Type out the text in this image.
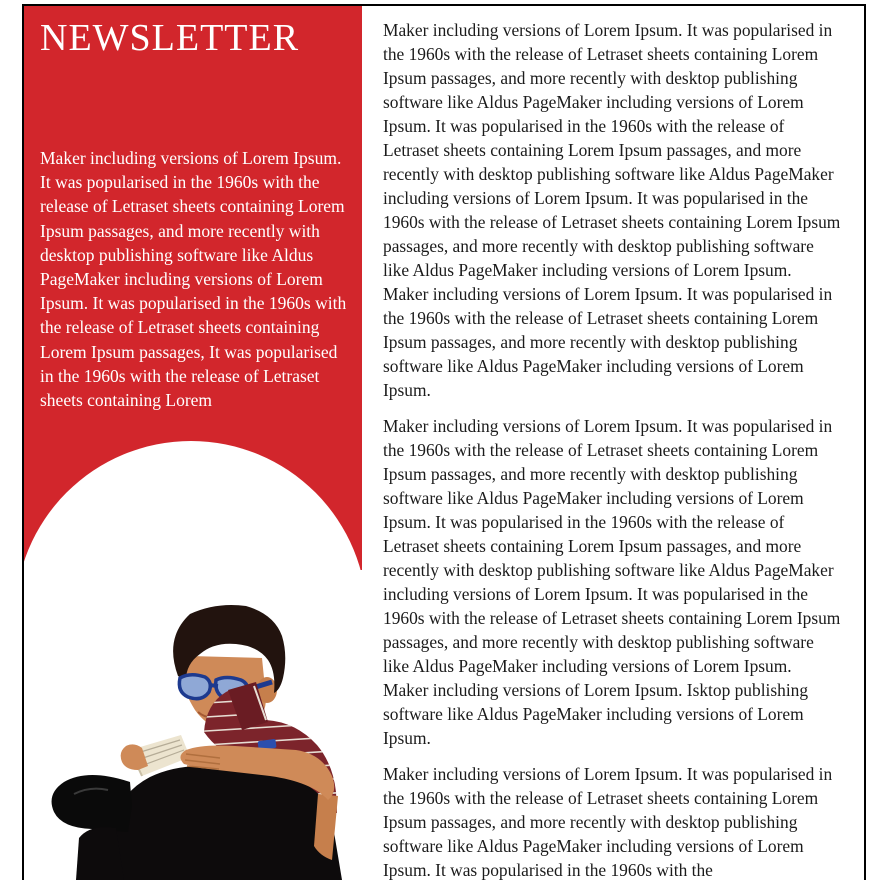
NEWSLETTER

Maker including versions of Lorem Ipsum. It was popularised in the 1960s with the release of Letraset sheets containing Lorem Ipsum passages, and more recently with desktop publishing software like Aldus PageMaker including versions of Lorem Ipsum. It was popularised in the 1960s with the release of Letraset sheets containing Lorem Ipsum passages, It was popularised in the 1960s with the release of Letraset sheets containing Lorem

Maker including versions of Lorem Ipsum. It was popularised in the 1960s with the release of Letraset sheets containing Lorem Ipsum passages, and more recently with desktop publishing software like Aldus PageMaker including versions of Lorem Ipsum. It was popularised in the 1960s with the release of Letraset sheets containing Lorem Ipsum passages, and more recently with desktop publishing software like Aldus PageMaker including versions of Lorem Ipsum. It was popularised in the 1960s with the release of Letraset sheets containing Lorem Ipsum passages, and more recently with desktop publishing software like Aldus PageMaker including versions of Lorem Ipsum. Maker including versions of Lorem Ipsum. It was popularised in the 1960s with the release of Letraset sheets containing Lorem Ipsum passages, and more recently with desktop publishing software like Aldus PageMaker including versions of Lorem Ipsum.

Maker including versions of Lorem Ipsum. It was popularised in the 1960s with the release of Letraset sheets containing Lorem Ipsum passages, and more recently with desktop publishing software like Aldus PageMaker including versions of Lorem Ipsum. It was popularised in the 1960s with the release of Letraset sheets containing Lorem Ipsum passages, and more recently with desktop publishing software like Aldus PageMaker including versions of Lorem Ipsum. It was popularised in the 1960s with the release of Letraset sheets containing Lorem Ipsum passages, and more recently with desktop publishing software like Aldus PageMaker including versions of Lorem Ipsum. Maker including versions of Lorem Ipsum. Isktop publishing software like Aldus PageMaker including versions of Lorem Ipsum.

Maker including versions of Lorem Ipsum. It was popularised in the 1960s with the release of Letraset sheets containing Lorem Ipsum passages, and more recently with desktop publishing software like Aldus PageMaker including versions of Lorem Ipsum. It was popularised in the 1960s with the
